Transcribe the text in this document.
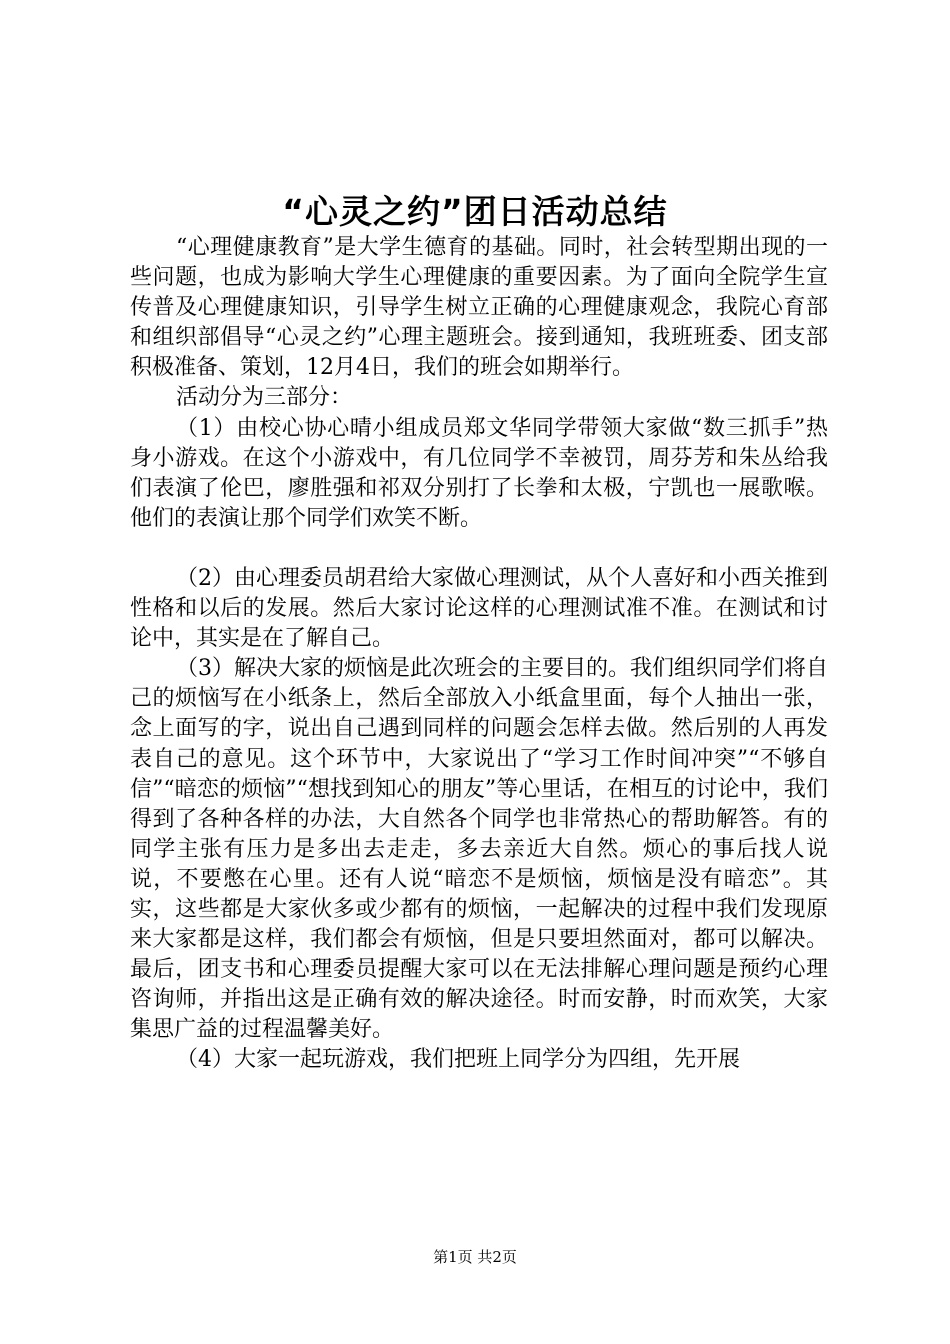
“心灵之约”团日活动总结

“心理健康教育”是大学生德育的基础。同时，社会转型期出现的一些问题，也成为影响大学生心理健康的重要因素。为了面向全院学生宣传普及心理健康知识，引导学生树立正确的心理健康观念，我院心育部和组织部倡导“心灵之约”心理主题班会。接到通知，我班班委、团支部积极准备、策划，12月4日，我们的班会如期举行。

活动分为三部分：

（1）由校心协心晴小组成员郑文华同学带领大家做“数三抓手”热身小游戏。在这个小游戏中，有几位同学不幸被罚，周芬芳和朱丛给我们表演了伦巴，廖胜强和祁双分别打了长拳和太极，宁凯也一展歌喉。他们的表演让那个同学们欢笑不断。

（2）由心理委员胡君给大家做心理测试，从个人喜好和小西关推到性格和以后的发展。然后大家讨论这样的心理测试准不准。在测试和讨论中，其实是在了解自己。

（3）解决大家的烦恼是此次班会的主要目的。我们组织同学们将自己的烦恼写在小纸条上，然后全部放入小纸盒里面，每个人抽出一张，念上面写的字，说出自己遇到同样的问题会怎样去做。然后别的人再发表自己的意见。这个环节中，大家说出了“学习工作时间冲突”“不够自信”“暗恋的烦恼”“想找到知心的朋友”等心里话，在相互的讨论中，我们得到了各种各样的办法，大自然各个同学也非常热心的帮助解答。有的同学主张有压力是多出去走走，多去亲近大自然。烦心的事后找人说说，不要憋在心里。还有人说“暗恋不是烦恼，烦恼是没有暗恋”。其实，这些都是大家伙多或少都有的烦恼，一起解决的过程中我们发现原来大家都是这样，我们都会有烦恼，但是只要坦然面对，都可以解决。最后，团支书和心理委员提醒大家可以在无法排解心理问题是预约心理咨询师，并指出这是正确有效的解决途径。时而安静，时而欢笑，大家集思广益的过程温馨美好。

（4）大家一起玩游戏，我们把班上同学分为四组，先开展

第1页 共2页
